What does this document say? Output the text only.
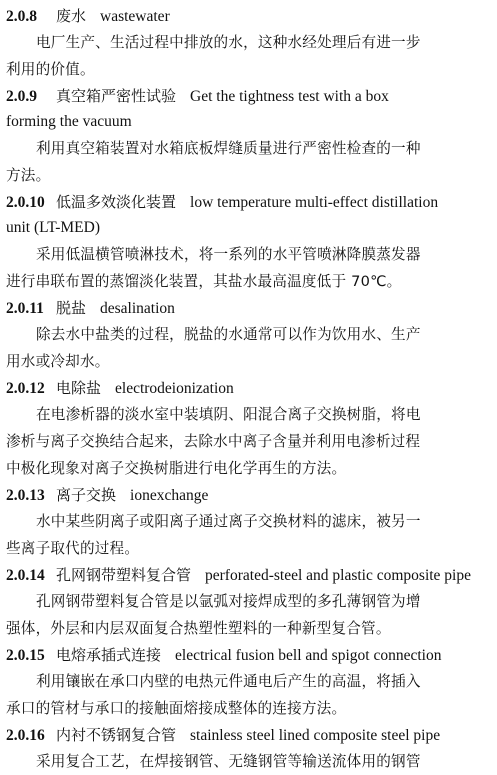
2.0.8 废水 wastewater
电厂生产、生活过程中排放的水，这种水经处理后有进一步
利用的价值。
2.0.9 真空箱严密性试验 Get the tightness test with a box
forming the vacuum
利用真空箱装置对水箱底板焊缝质量进行严密性检查的一种
方法。
2.0.10 低温多效淡化装置 low temperature multi-effect distillation
unit (LT-MED)
采用低温横管喷淋技术，将一系列的水平管喷淋降膜蒸发器
进行串联布置的蒸馏淡化装置，其盐水最高温度低于 70℃。
2.0.11 脱盐 desalination
除去水中盐类的过程，脱盐的水通常可以作为饮用水、生产
用水或冷却水。
2.0.12 电除盐 electrodeionization
在电渗析器的淡水室中装填阴、阳混合离子交换树脂，将电
渗析与离子交换结合起来，去除水中离子含量并利用电渗析过程
中极化现象对离子交换树脂进行电化学再生的方法。
2.0.13 离子交换 ionexchange
水中某些阴离子或阳离子通过离子交换材料的滤床，被另一
些离子取代的过程。
2.0.14 孔网钢带塑料复合管 perforated-steel and plastic composite pipe
孔网钢带塑料复合管是以氩弧对接焊成型的多孔薄钢管为增
强体，外层和内层双面复合热塑性塑料的一种新型复合管。
2.0.15 电熔承插式连接 electrical fusion bell and spigot connection
利用镶嵌在承口内壁的电热元件通电后产生的高温，将插入
承口的管材与承口的接触面熔接成整体的连接方法。
2.0.16 内衬不锈钢复合管 stainless steel lined composite steel pipe
采用复合工艺，在焊接钢管、无缝钢管等输送流体用的钢管
